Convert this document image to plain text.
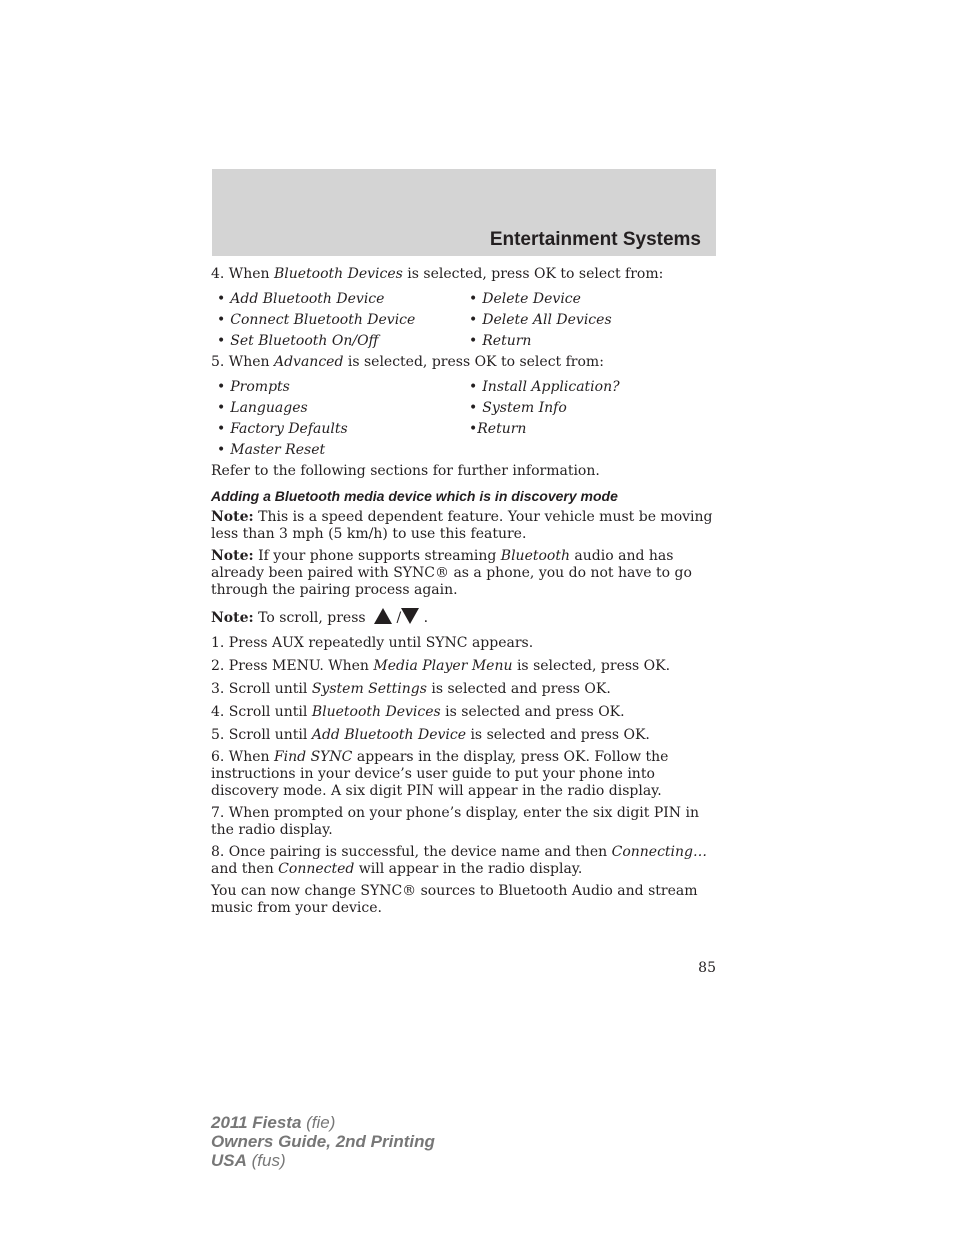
Entertainment Systems

4. When Bluetooth Devices is selected, press OK to select from:

• Add Bluetooth Device	• Delete Device
• Connect Bluetooth Device	• Delete All Devices
• Set Bluetooth On/Off	• Return

5. When Advanced is selected, press OK to select from:

• Prompts	• Install Application?
• Languages	• System Info
• Factory Defaults	•Return
• Master Reset

Refer to the following sections for further information.

Adding a Bluetooth media device which is in discovery mode

Note: This is a speed dependent feature. Your vehicle must be moving less than 3 mph (5 km/h) to use this feature.

Note: If your phone supports streaming Bluetooth audio and has already been paired with SYNC® as a phone, you do not have to go through the pairing process again.

Note: To scroll, press  / .

1. Press AUX repeatedly until SYNC appears.

2. Press MENU. When Media Player Menu is selected, press OK.

3. Scroll until System Settings is selected and press OK.

4. Scroll until Bluetooth Devices is selected and press OK.

5. Scroll until Add Bluetooth Device is selected and press OK.

6. When Find SYNC appears in the display, press OK. Follow the instructions in your device’s user guide to put your phone into discovery mode. A six digit PIN will appear in the radio display.

7. When prompted on your phone’s display, enter the six digit PIN in the radio display.

8. Once pairing is successful, the device name and then Connecting… and then Connected will appear in the radio display.

You can now change SYNC® sources to Bluetooth Audio and stream music from your device.

85
2011 Fiesta (fie)
Owners Guide, 2nd Printing
USA (fus)
